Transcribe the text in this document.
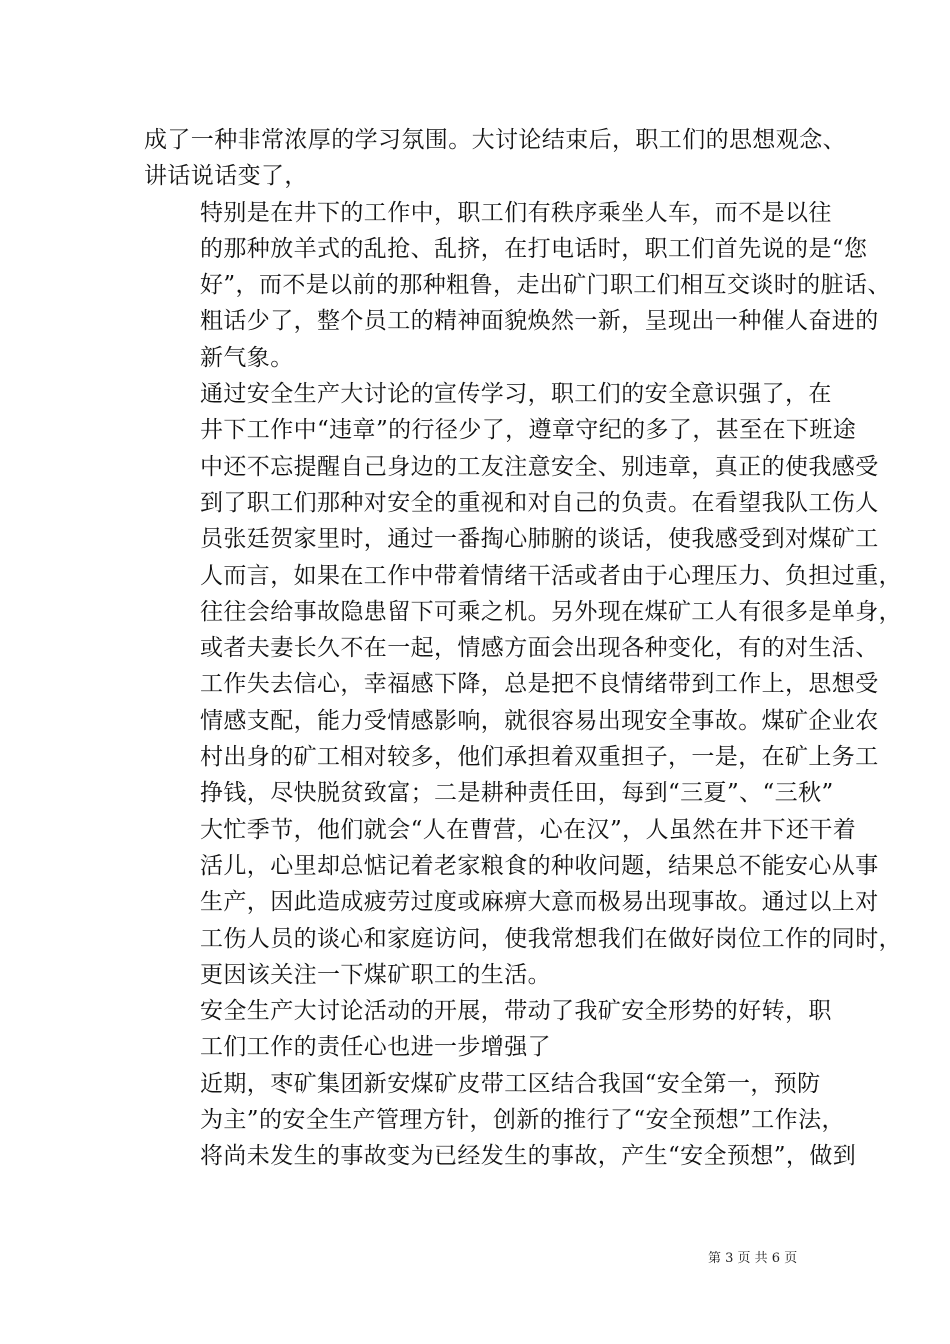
成了一种非常浓厚的学习氛围。大讨论结束后，职工们的思想观念、
讲话说话变了，

特别是在井下的工作中，职工们有秩序乘坐人车，而不是以往
的那种放羊式的乱抢、乱挤，在打电话时，职工们首先说的是“您
好”，而不是以前的那种粗鲁，走出矿门职工们相互交谈时的脏话、
粗话少了，整个员工的精神面貌焕然一新，呈现出一种催人奋进的
新气象。

通过安全生产大讨论的宣传学习，职工们的安全意识强了，在
井下工作中“违章”的行径少了，遵章守纪的多了，甚至在下班途
中还不忘提醒自己身边的工友注意安全、别违章，真正的使我感受
到了职工们那种对安全的重视和对自己的负责。在看望我队工伤人
员张廷贺家里时，通过一番掏心肺腑的谈话，使我感受到对煤矿工
人而言，如果在工作中带着情绪干活或者由于心理压力、负担过重，
往往会给事故隐患留下可乘之机。另外现在煤矿工人有很多是单身，
或者夫妻长久不在一起，情感方面会出现各种变化，有的对生活、
工作失去信心，幸福感下降，总是把不良情绪带到工作上，思想受
情感支配，能力受情感影响，就很容易出现安全事故。煤矿企业农
村出身的矿工相对较多，他们承担着双重担子，一是，在矿上务工
挣钱，尽快脱贫致富；二是耕种责任田，每到“三夏”、“三秋”
大忙季节，他们就会“人在曹营，心在汉”，人虽然在井下还干着
活儿，心里却总惦记着老家粮食的种收问题，结果总不能安心从事
生产，因此造成疲劳过度或麻痹大意而极易出现事故。通过以上对
工伤人员的谈心和家庭访问，使我常想我们在做好岗位工作的同时，
更因该关注一下煤矿职工的生活。

安全生产大讨论活动的开展，带动了我矿安全形势的好转，职
工们工作的责任心也进一步增强了

近期，枣矿集团新安煤矿皮带工区结合我国“安全第一，预防
为主”的安全生产管理方针，创新的推行了“安全预想”工作法，
将尚未发生的事故变为已经发生的事故，产生“安全预想”，做到

第 3 页 共 6 页
